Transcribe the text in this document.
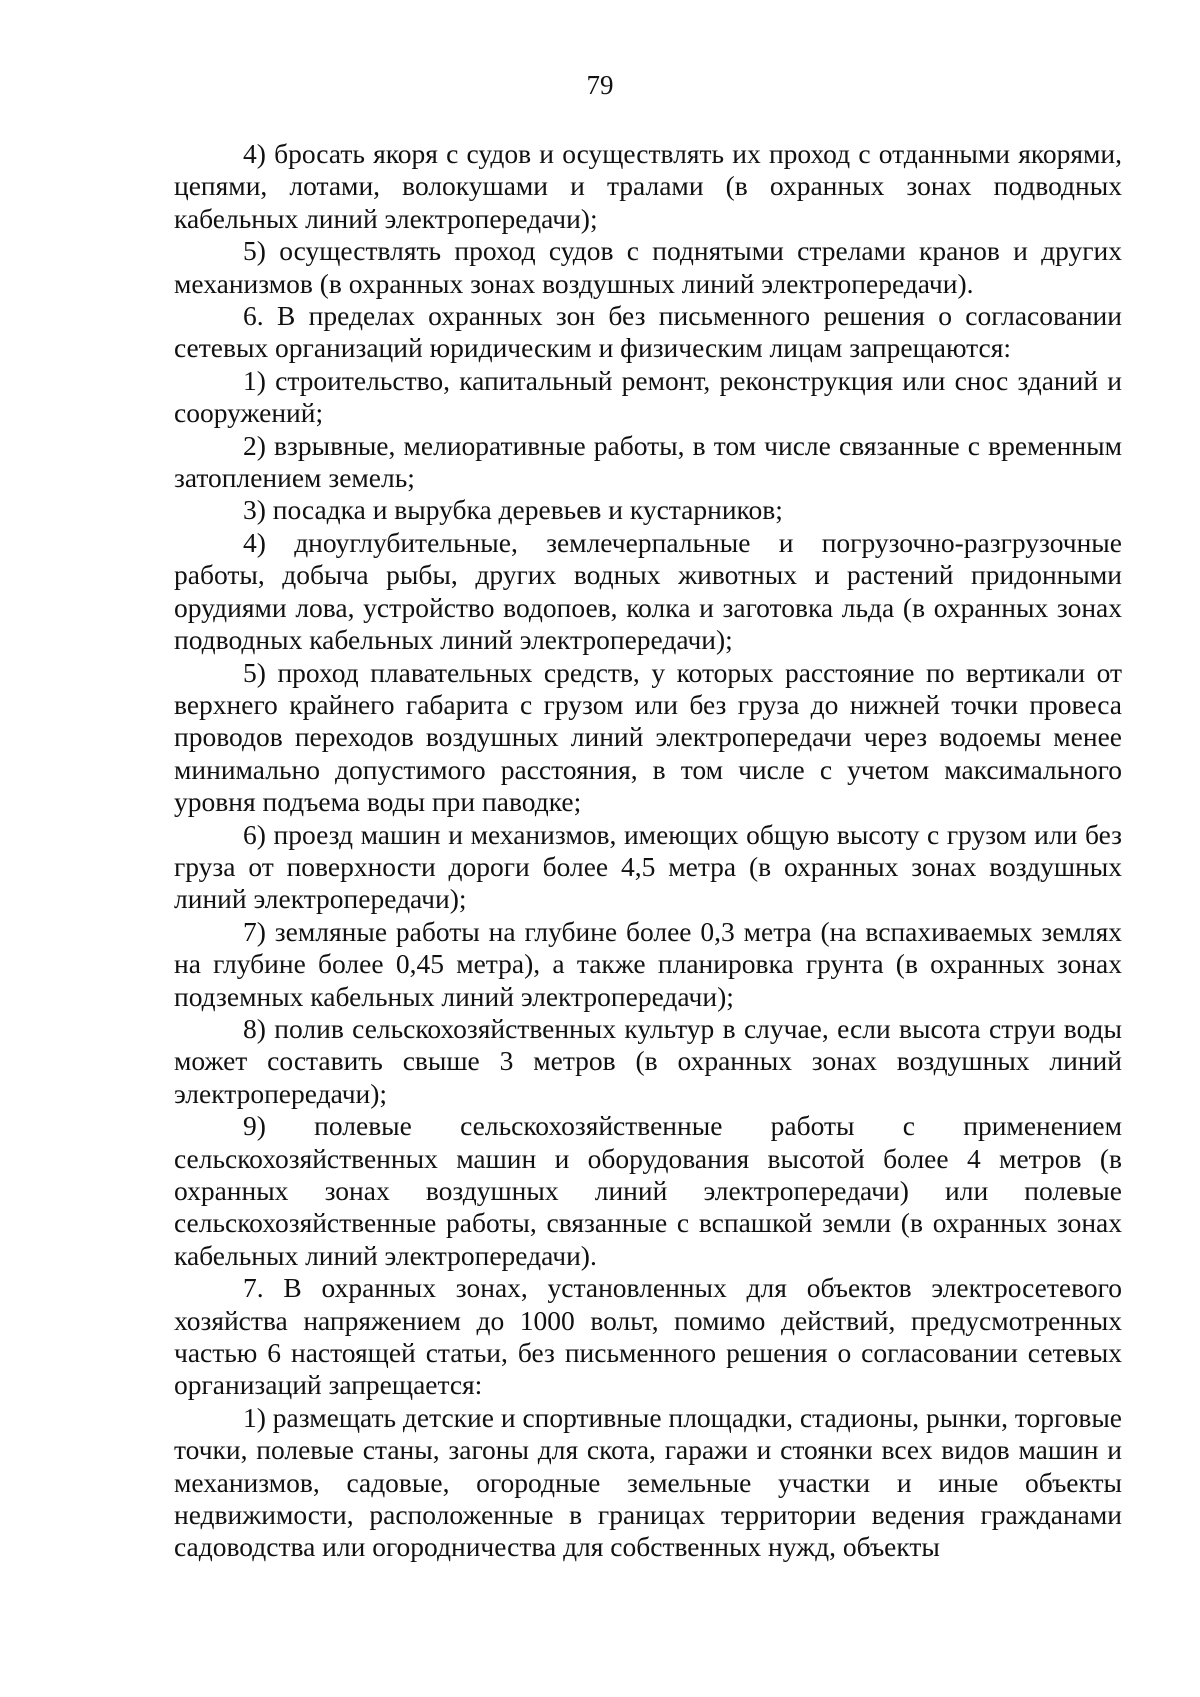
79

4) бросать якоря с судов и осуществлять их проход с отданными якорями, цепями, лотами, волокушами и тралами (в охранных зонах подводных кабельных линий электропередачи);

5) осуществлять проход судов с поднятыми стрелами кранов и других механизмов (в охранных зонах воздушных линий электропередачи).

6. В пределах охранных зон без письменного решения о согласовании сетевых организаций юридическим и физическим лицам запрещаются:

1) строительство, капитальный ремонт, реконструкция или снос зданий и сооружений;

2) взрывные, мелиоративные работы, в том числе связанные с временным затоплением земель;

3) посадка и вырубка деревьев и кустарников;

4) дноуглубительные, землечерпальные и погрузочно-разгрузочные работы, добыча рыбы, других водных животных и растений придонными орудиями лова, устройство водопоев, колка и заготовка льда (в охранных зонах подводных кабельных линий электропередачи);

5) проход плавательных средств, у которых расстояние по вертикали от верхнего крайнего габарита с грузом или без груза до нижней точки провеса проводов переходов воздушных линий электропередачи через водоемы менее минимально допустимого расстояния, в том числе с учетом максимального уровня подъема воды при паводке;

6) проезд машин и механизмов, имеющих общую высоту с грузом или без груза от поверхности дороги более 4,5 метра (в охранных зонах воздушных линий электропередачи);

7) земляные работы на глубине более 0,3 метра (на вспахиваемых землях на глубине более 0,45 метра), а также планировка грунта (в охранных зонах подземных кабельных линий электропередачи);

8) полив сельскохозяйственных культур в случае, если высота струи воды может составить свыше 3 метров (в охранных зонах воздушных линий электропередачи);

9) полевые сельскохозяйственные работы с применением сельскохозяйственных машин и оборудования высотой более 4 метров (в охранных зонах воздушных линий электропередачи) или полевые сельскохозяйственные работы, связанные с вспашкой земли (в охранных зонах кабельных линий электропередачи).

7. В охранных зонах, установленных для объектов электросетевого хозяйства напряжением до 1000 вольт, помимо действий, предусмотренных частью 6 настоящей статьи, без письменного решения о согласовании сетевых организаций запрещается:

1) размещать детские и спортивные площадки, стадионы, рынки, торговые точки, полевые станы, загоны для скота, гаражи и стоянки всех видов машин и механизмов, садовые, огородные земельные участки и иные объекты недвижимости, расположенные в границах территории ведения гражданами садоводства или огородничества для собственных нужд, объекты
